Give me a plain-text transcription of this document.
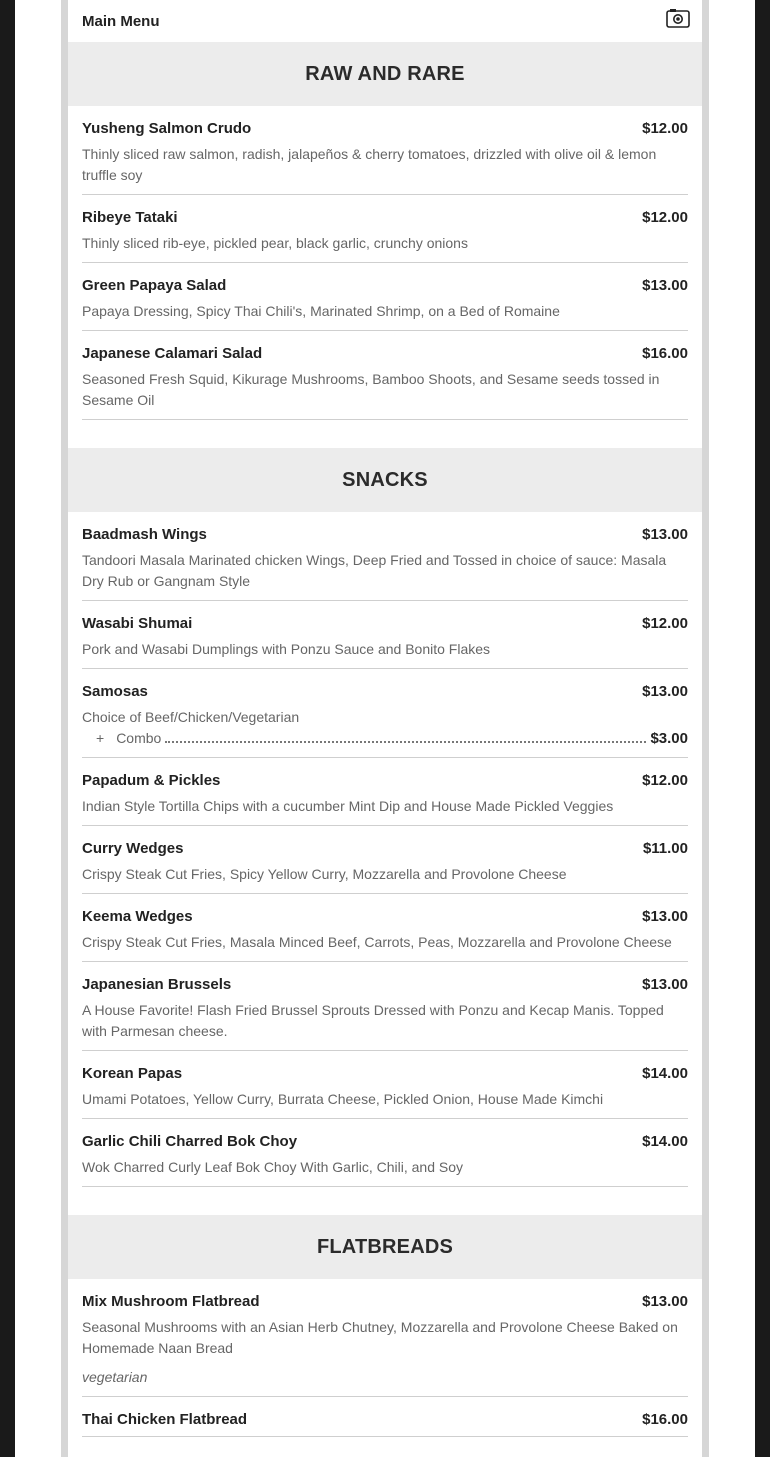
Main Menu
RAW AND RARE
Yusheng Salmon Crudo	$12.00
Thinly sliced raw salmon, radish, jalapeños & cherry tomatoes, drizzled with olive oil & lemon truffle soy
Ribeye Tataki	$12.00
Thinly sliced rib-eye, pickled pear, black garlic, crunchy onions
Green Papaya Salad	$13.00
Papaya Dressing, Spicy Thai Chili's, Marinated Shrimp, on a Bed of Romaine
Japanese Calamari Salad	$16.00
Seasoned Fresh Squid, Kikurage Mushrooms, Bamboo Shoots, and Sesame seeds tossed in Sesame Oil
SNACKS
Baadmash Wings	$13.00
Tandoori Masala Marinated chicken Wings, Deep Fried and Tossed in choice of sauce: Masala Dry Rub or Gangnam Style
Wasabi Shumai	$12.00
Pork and Wasabi Dumplings with Ponzu Sauce and Bonito Flakes
Samosas	$13.00
Choice of Beef/Chicken/Vegetarian
+ Combo	$3.00
Papadum & Pickles	$12.00
Indian Style Tortilla Chips with a cucumber Mint Dip and House Made Pickled Veggies
Curry Wedges	$11.00
Crispy Steak Cut Fries, Spicy Yellow Curry, Mozzarella and Provolone Cheese
Keema Wedges	$13.00
Crispy Steak Cut Fries, Masala Minced Beef, Carrots, Peas, Mozzarella and Provolone Cheese
Japanesian Brussels	$13.00
A House Favorite! Flash Fried Brussel Sprouts Dressed with Ponzu and Kecap Manis. Topped with Parmesan cheese.
Korean Papas	$14.00
Umami Potatoes, Yellow Curry, Burrata Cheese, Pickled Onion, House Made Kimchi
Garlic Chili Charred Bok Choy	$14.00
Wok Charred Curly Leaf Bok Choy With Garlic, Chili, and Soy
FLATBREADS
Mix Mushroom Flatbread	$13.00
Seasonal Mushrooms with an Asian Herb Chutney, Mozzarella and Provolone Cheese Baked on Homemade Naan Bread
vegetarian
Thai Chicken Flatbread	$16.00
